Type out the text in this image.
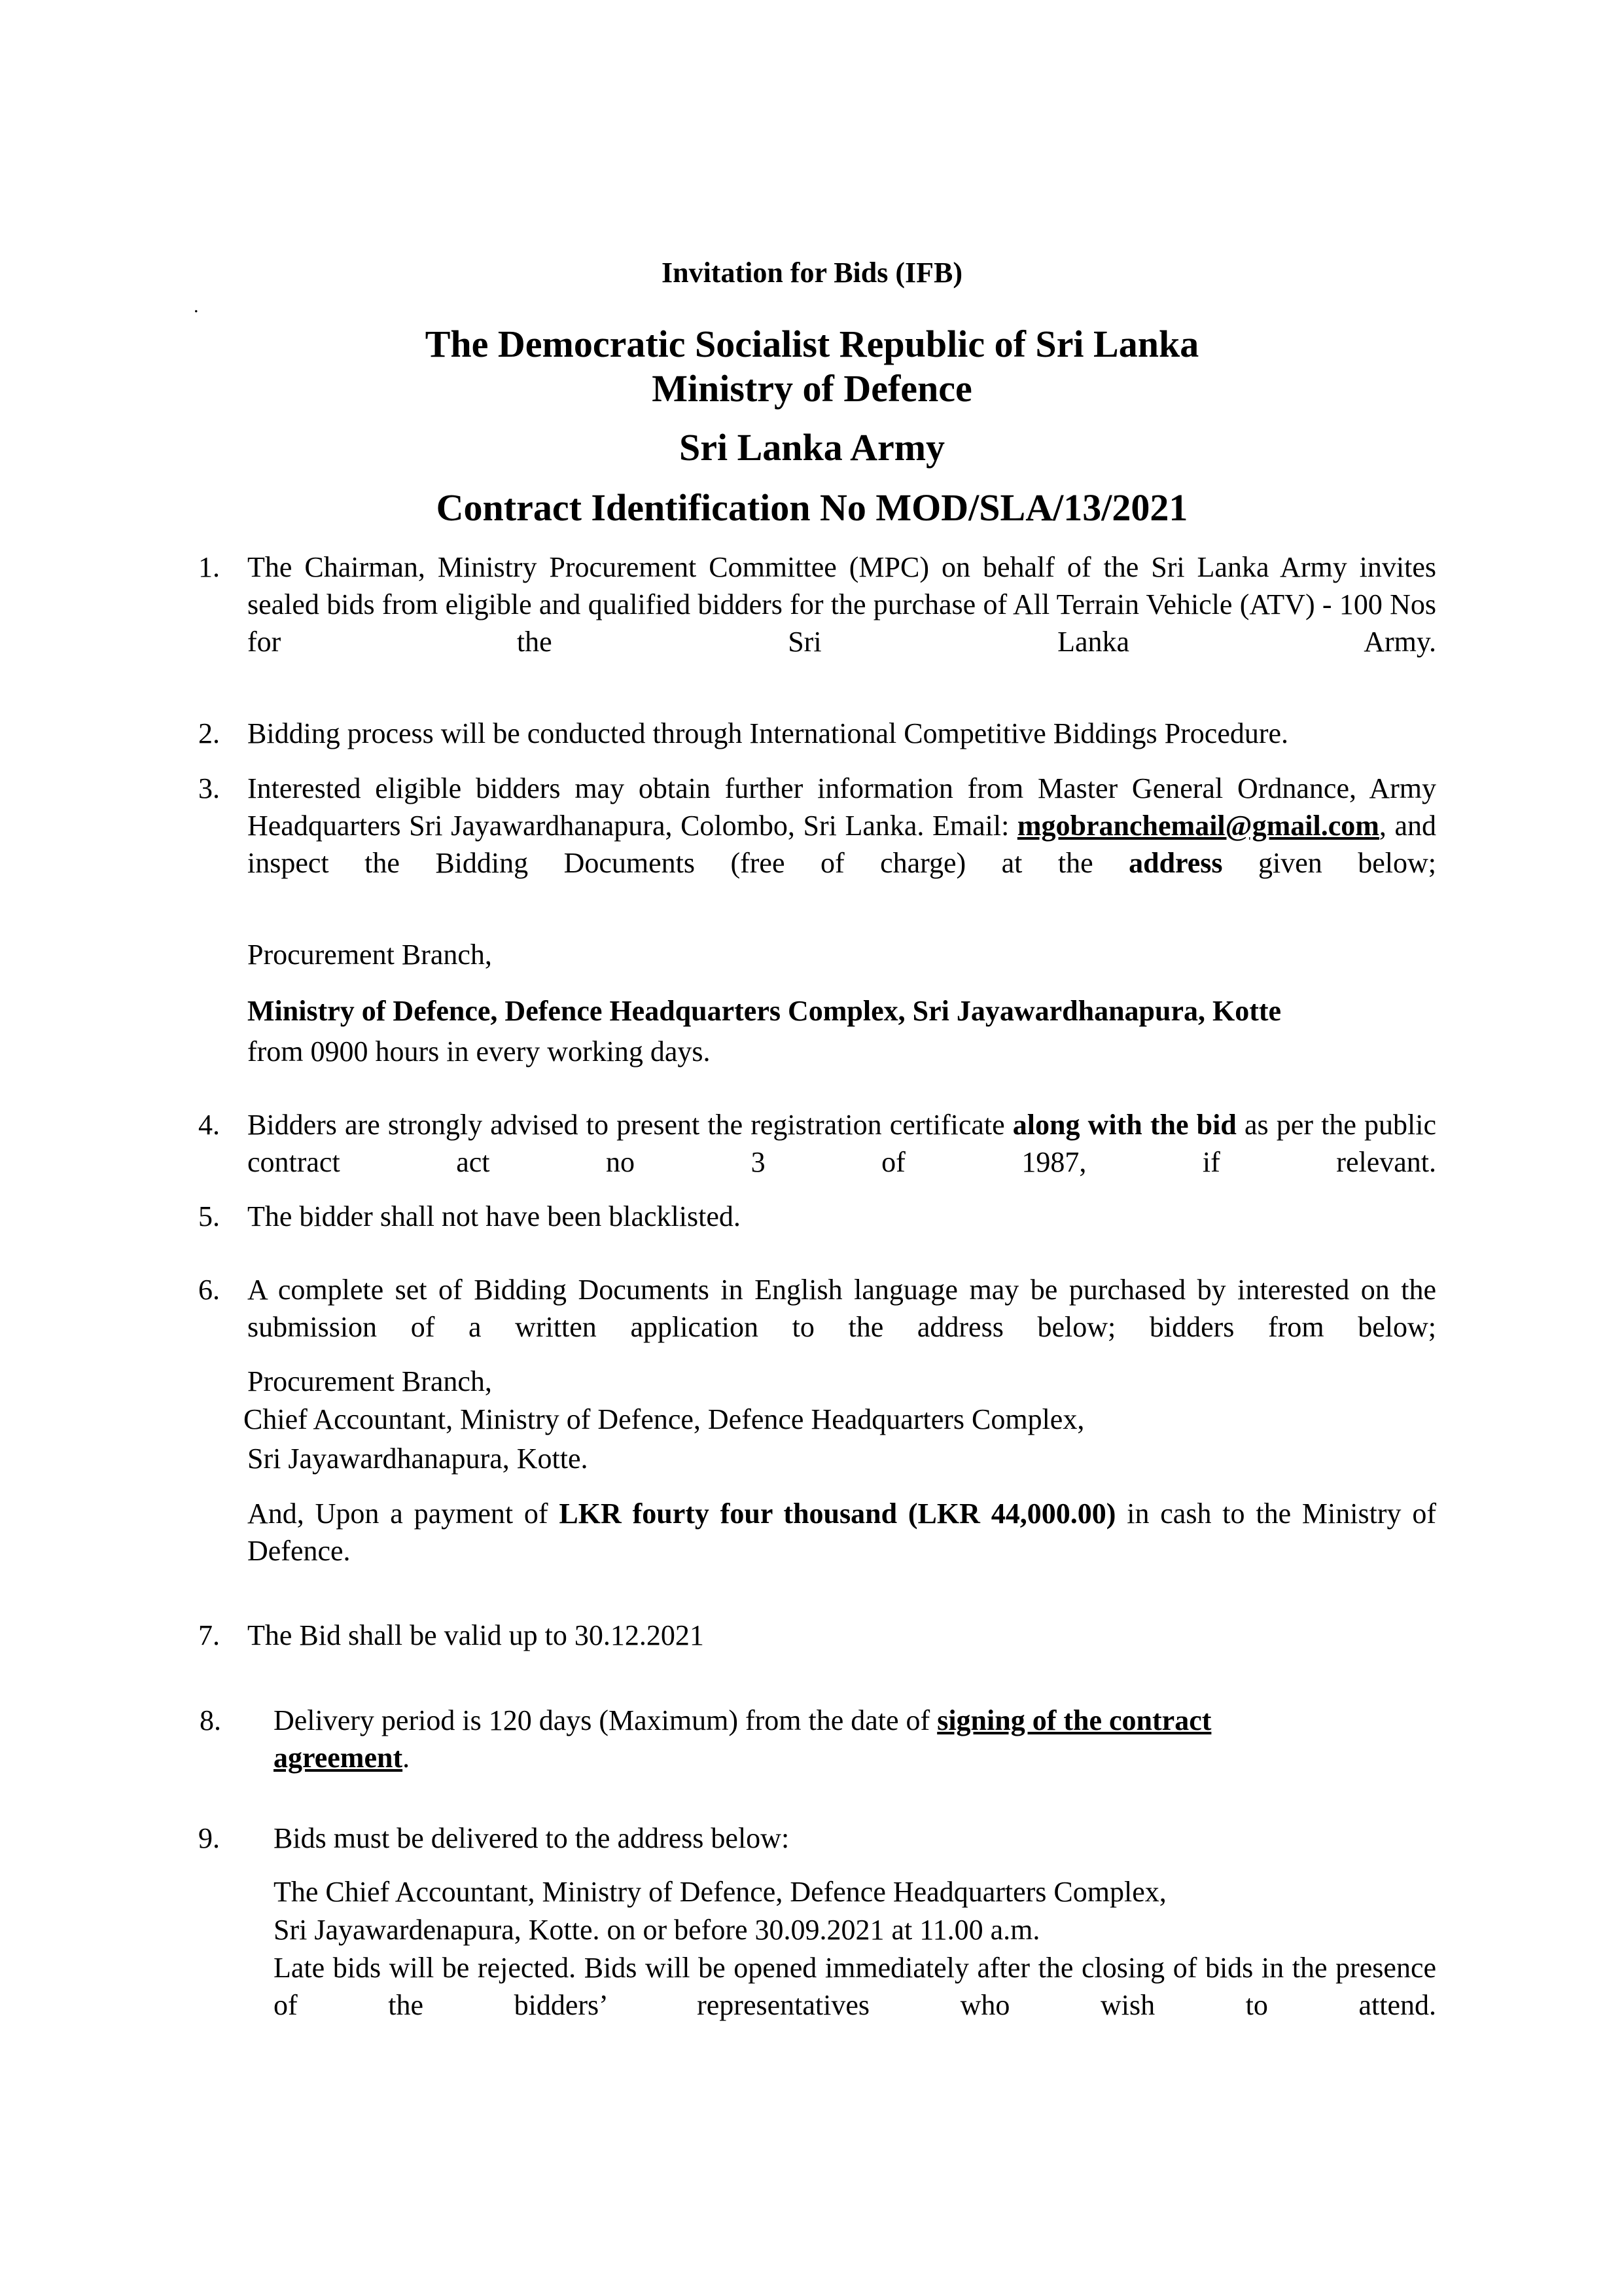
Invitation for Bids (IFB)
.
The Democratic Socialist Republic of Sri Lanka
Ministry of Defence
Sri Lanka Army
Contract Identification No MOD/SLA/13/2021
1. The Chairman, Ministry Procurement Committee (MPC) on behalf of the Sri Lanka Army invites sealed bids from eligible and qualified bidders for the purchase of All Terrain Vehicle (ATV) - 100 Nos for the Sri Lanka Army.
2. Bidding process will be conducted through International Competitive Biddings Procedure.
3. Interested eligible bidders may obtain further information from Master General Ordnance, Army Headquarters Sri Jayawardhanapura, Colombo, Sri Lanka. Email: mgobranchemail@gmail.com, and inspect the Bidding Documents (free of charge) at the address given below;
Procurement Branch,
Ministry of Defence, Defence Headquarters Complex, Sri Jayawardhanapura, Kotte
from 0900 hours in every working days.
4. Bidders are strongly advised to present the registration certificate along with the bid as per the public contract act no 3 of 1987, if relevant.
5. The bidder shall not have been blacklisted.
6. A complete set of Bidding Documents in English language may be purchased by interested on the submission of a written application to the address below; bidders from below;
Procurement Branch,
Chief Accountant, Ministry of Defence, Defence Headquarters Complex,
Sri Jayawardhanapura, Kotte.
And, Upon a payment of LKR fourty four thousand (LKR 44,000.00) in cash to the Ministry of Defence.
7. The Bid shall be valid up to 30.12.2021
8. Delivery period is 120 days (Maximum) from the date of signing of the contract agreement.
9. Bids must be delivered to the address below:
The Chief Accountant, Ministry of Defence, Defence Headquarters Complex,
Sri Jayawardenapura, Kotte. on or before 30.09.2021 at 11.00 a.m.
Late bids will be rejected. Bids will be opened immediately after the closing of bids in the presence of the bidders’ representatives who wish to attend.
